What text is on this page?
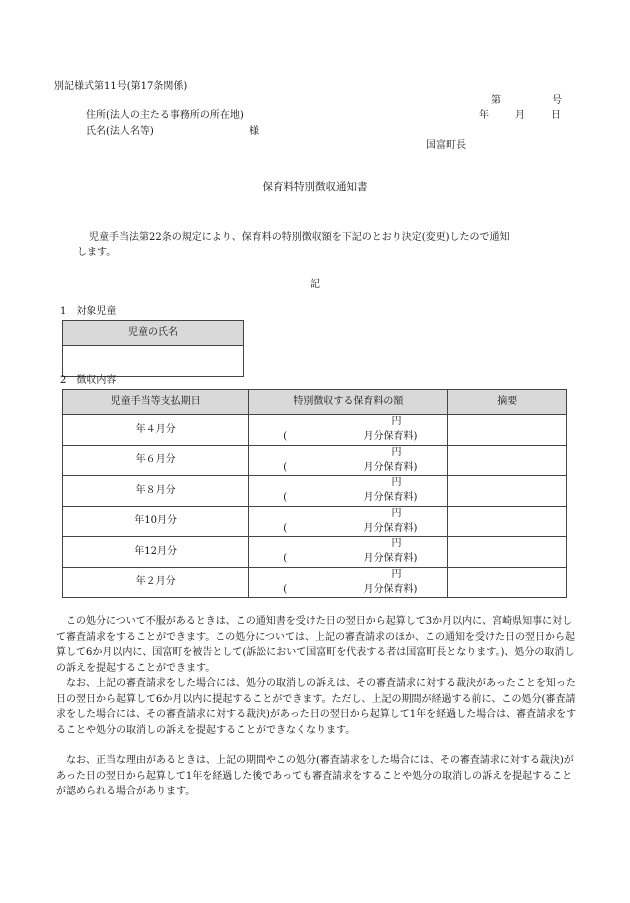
別記様式第11号(第17条関係)
第	号
住所(法人の主たる事務所の所在地)	年	月	日
氏名(法人名等)	様
国富町長
保育料特別徴収通知書
児童手当法第22条の規定により、保育料の特別徴収額を下記のとおり決定(変更)したので通知
します。
記
1　対象児童
児童の氏名

2　徴収内容
児童手当等支払期日	特別徴収する保育料の額	摘要
年４月分	円
( 月分保育料)	

年６月分	円
( 月分保育料)	

年８月分	円
( 月分保育料)	

年10月分	円
( 月分保育料)	

年12月分	円
( 月分保育料)	

年２月分	円
( 月分保育料)	

この処分について不服があるときは、この通知書を受けた日の翌日から起算して3か月以内に、宮崎県知事に対して審査請求をすることができます。この処分については、上記の審査請求のほか、この通知を受けた日の翌日から起算して6か月以内に、国富町を被告として(訴訟において国富町を代表する者は国富町長となります。)、処分の取消しの訴えを提起することができます。
なお、上記の審査請求をした場合には、処分の取消しの訴えは、その審査請求に対する裁決があったことを知った日の翌日から起算して6か月以内に提起することができます。ただし、上記の期間が経過する前に、この処分(審査請求をした場合には、その審査請求に対する裁決)があった日の翌日から起算して1年を経過した場合は、審査請求をすることや処分の取消しの訴えを提起することができなくなります。
なお、正当な理由があるときは、上記の期間やこの処分(審査請求をした場合には、その審査請求に対する裁決)があった日の翌日から起算して1年を経過した後であっても審査請求をすることや処分の取消しの訴えを提起することが認められる場合があります。
